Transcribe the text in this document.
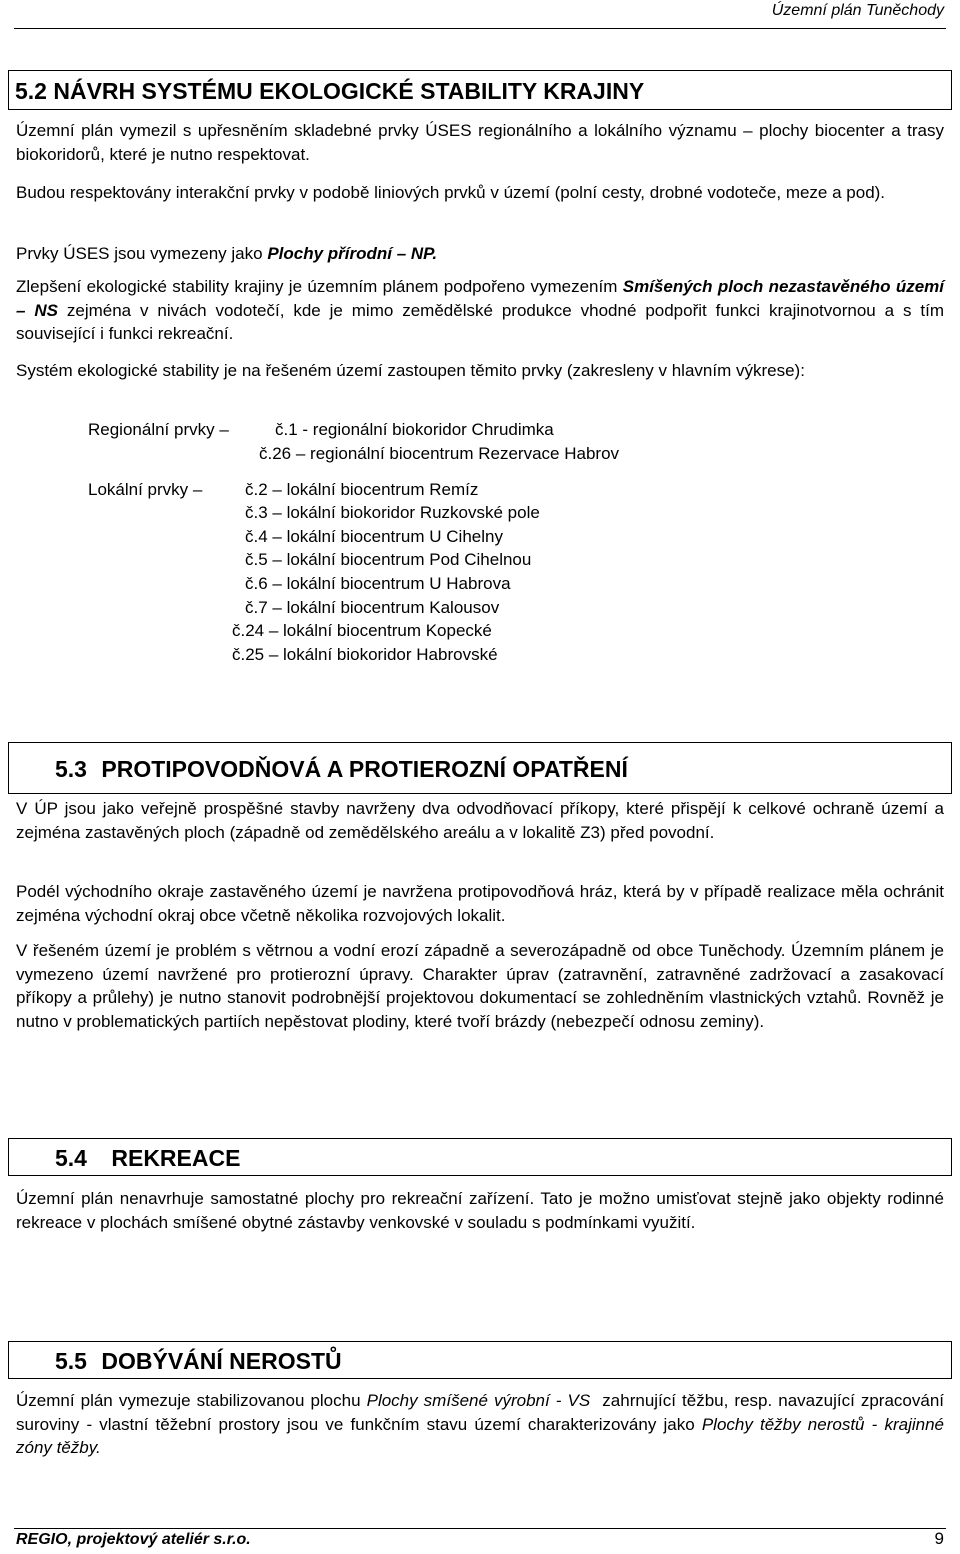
Územní plán Tuněchody
5.2 NÁVRH SYSTÉMU EKOLOGICKÉ STABILITY KRAJINY

Územní plán vymezil s upřesněním skladebné prvky ÚSES regionálního a lokálního významu – plochy biocenter a trasy biokoridorů, které je nutno respektovat.

Budou respektovány interakční prvky v podobě liniových prvků v území (polní cesty, drobné vodoteče, meze a pod).

Prvky ÚSES jsou vymezeny jako Plochy přírodní – NP.

Zlepšení ekologické stability krajiny je územním plánem podpořeno vymezením Smíšených ploch nezastavěného území – NS zejména v nivách vodotečí, kde je mimo zemědělské produkce vhodné podpořit funkci krajinotvornou a s tím související i funkci rekreační.

Systém ekologické stability je na řešeném území zastoupen těmito prvky (zakresleny v hlavním výkrese):

Regionální prvky –	č.1 - regionální biokoridor Chrudimka
č.26 – regionální biocentrum Rezervace Habrov
Lokální prvky –	č.2 – lokální biocentrum Remíz
č.3 – lokální biokoridor Ruzkovské pole
č.4 – lokální biocentrum U Cihelny
č.5 – lokální biocentrum Pod Cihelnou
č.6 – lokální biocentrum U Habrova
č.7 – lokální biocentrum Kalousov
č.24 – lokální biocentrum Kopecké
č.25 – lokální biokoridor Habrovské
5.3 PROTIPOVODŇOVÁ A PROTIEROZNÍ OPATŘENÍ

V ÚP jsou jako veřejně prospěšné stavby navrženy dva odvodňovací příkopy, které přispějí k celkové ochraně území a zejména zastavěných ploch (západně od zemědělského areálu a v lokalitě Z3) před povodní.

Podél východního okraje zastavěného území je navržena protipovodňová hráz, která by v případě realizace měla ochránit zejména východní okraj obce včetně několika rozvojových lokalit.

V řešeném území je problém s větrnou a vodní erozí západně a severozápadně od obce Tuněchody. Územním plánem je vymezeno území navržené pro protierozní úpravy. Charakter úprav (zatravnění, zatravněné zadržovací a zasakovací příkopy a průlehy) je nutno stanovit podrobnější projektovou dokumentací se zohledněním vlastnických vztahů. Rovněž je nutno v problematických partiích nepěstovat plodiny, které tvoří brázdy (nebezpečí odnosu zeminy).

5.4 REKREACE

Územní plán nenavrhuje samostatné plochy pro rekreační zařízení. Tato je možno umisťovat stejně jako objekty rodinné rekreace v plochách smíšené obytné zástavby venkovské v souladu s podmínkami využití.

5.5 DOBÝVÁNÍ NEROSTŮ

Územní plán vymezuje stabilizovanou plochu Plochy smíšené výrobní - VS  zahrnující těžbu, resp. navazující zpracování suroviny - vlastní těžební prostory jsou ve funkčním stavu území charakterizovány jako Plochy těžby nerostů - krajinné zóny těžby.

REGIO, projektový ateliér s.r.o.	9
